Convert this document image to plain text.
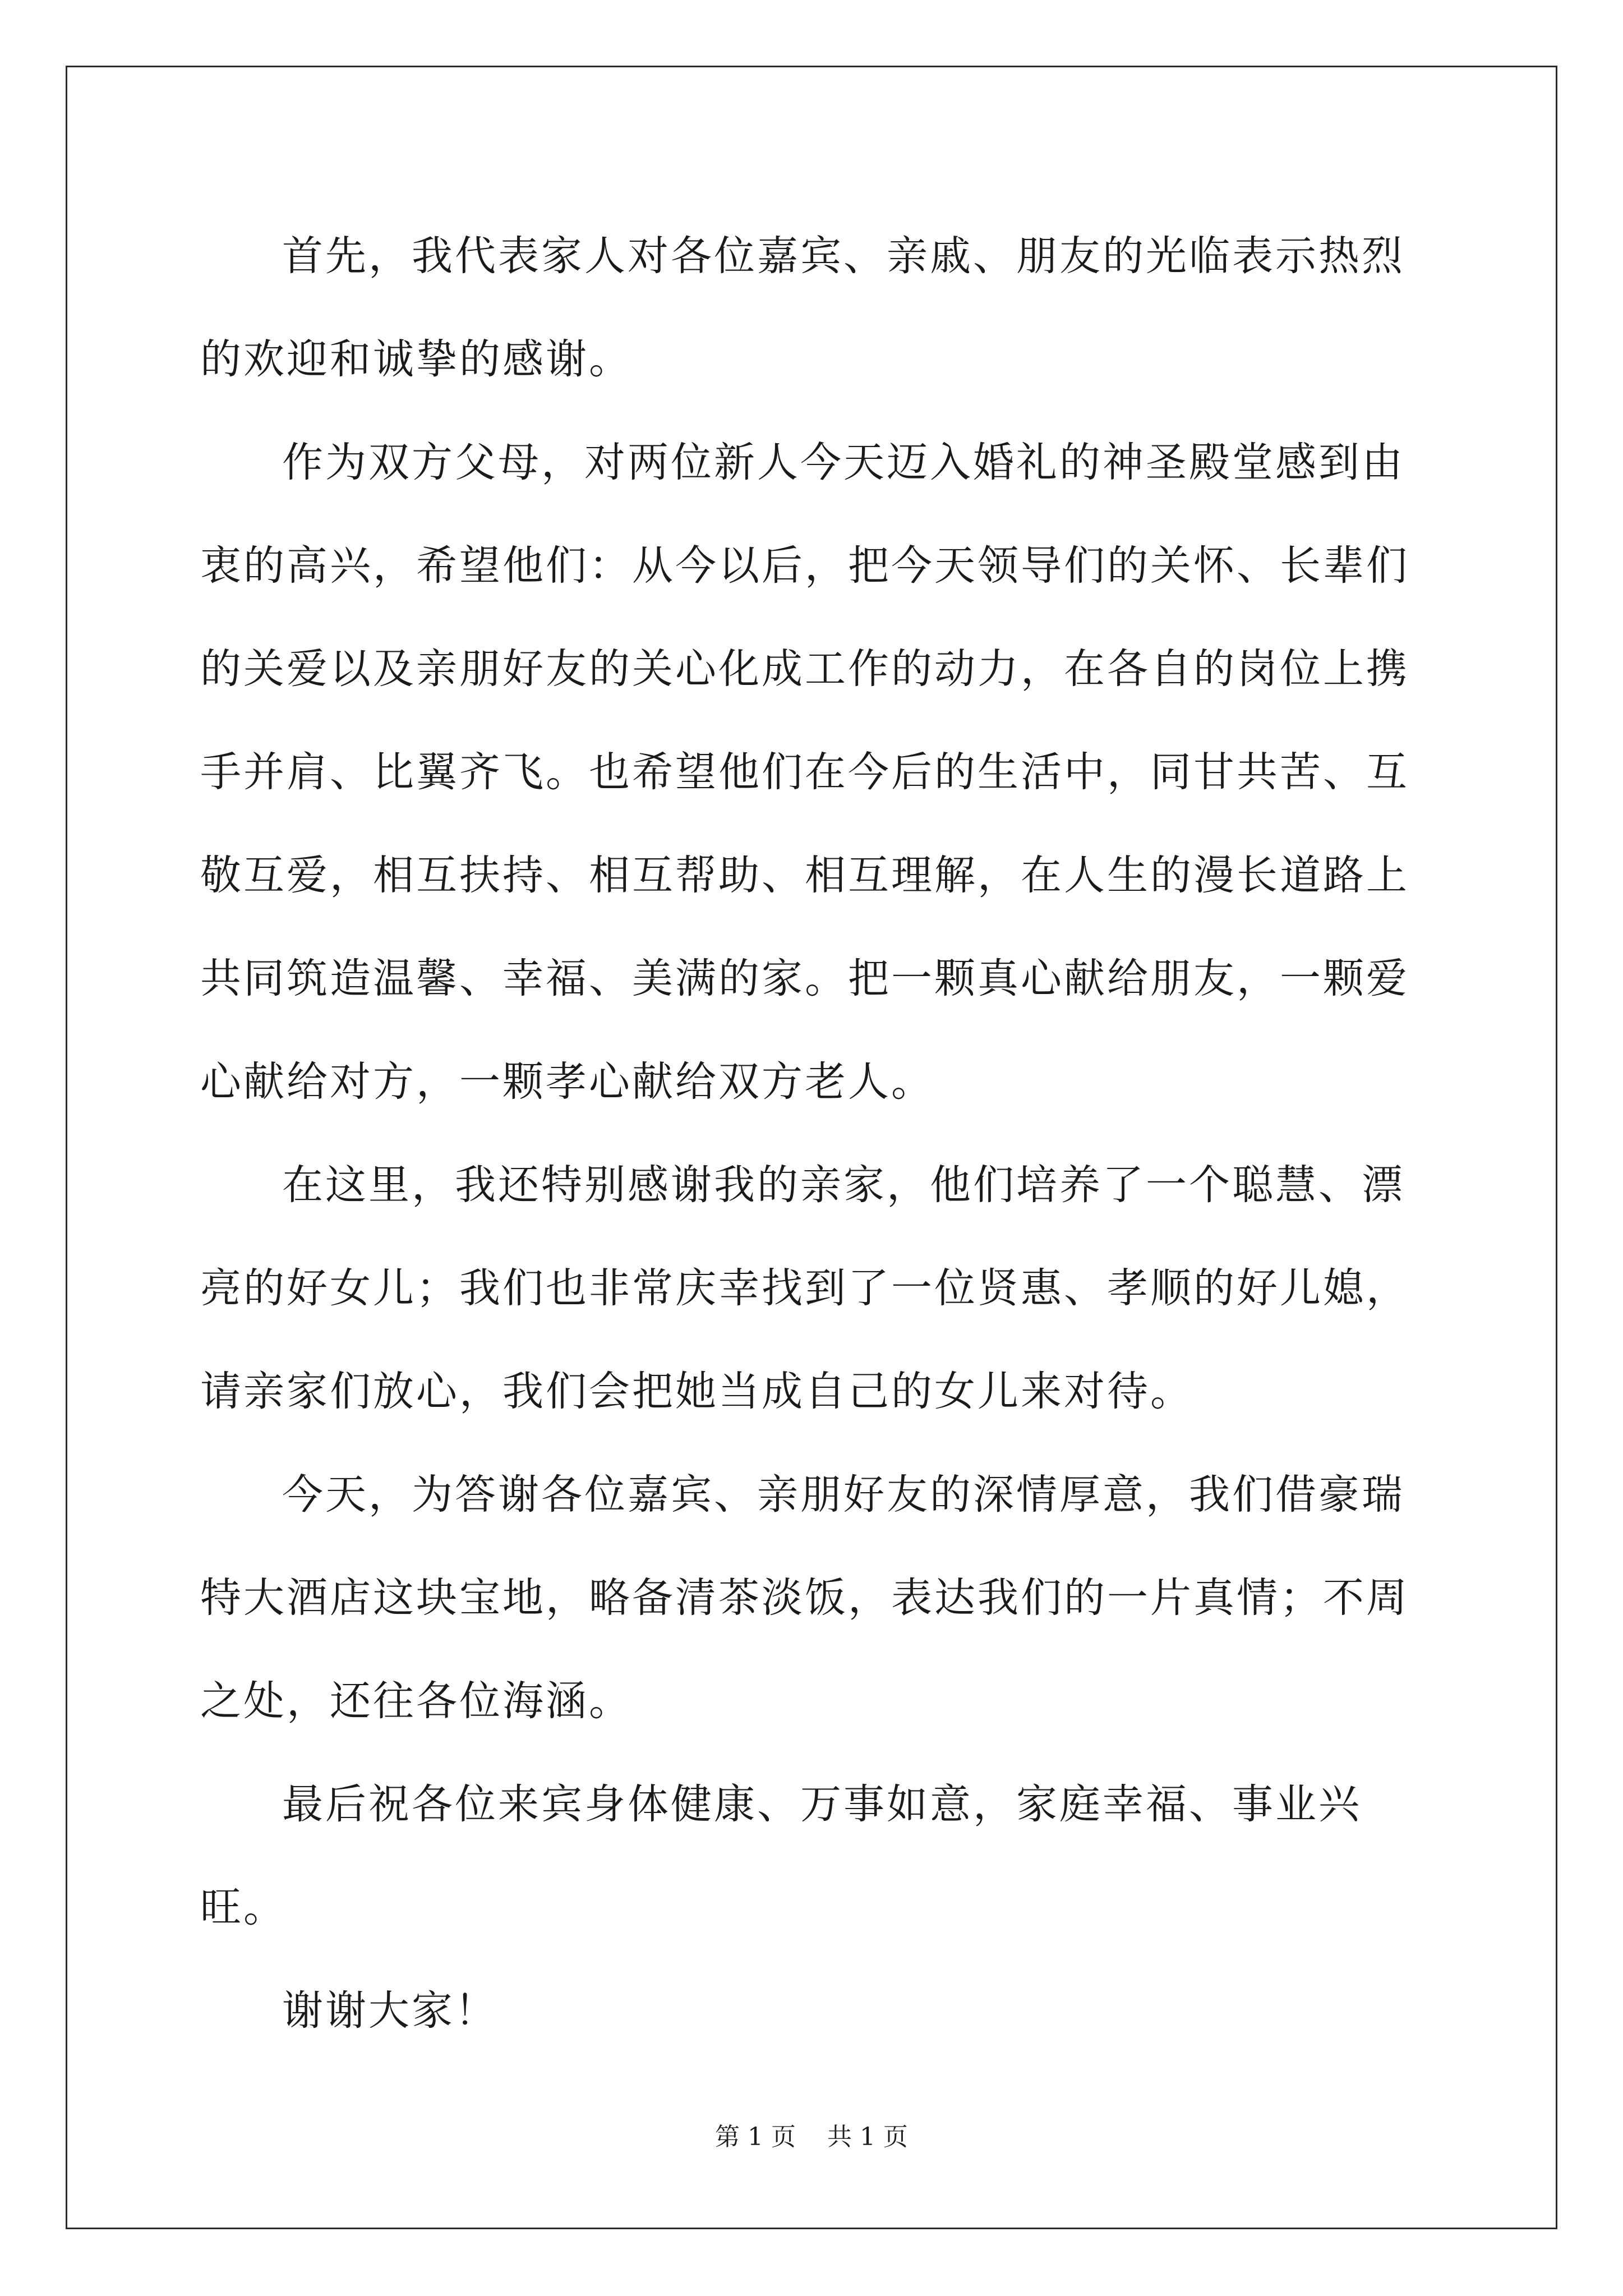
首先，我代表家人对各位嘉宾、亲戚、朋友的光临表示热烈的欢迎和诚挚的感谢。

作为双方父母，对两位新人今天迈入婚礼的神圣殿堂感到由衷的高兴，希望他们：从今以后，把今天领导们的关怀、长辈们的关爱以及亲朋好友的关心化成工作的动力，在各自的岗位上携手并肩、比翼齐飞。也希望他们在今后的生活中，同甘共苦、互敬互爱，相互扶持、相互帮助、相互理解，在人生的漫长道路上共同筑造温馨、幸福、美满的家。把一颗真心献给朋友，一颗爱心献给对方，一颗孝心献给双方老人。

在这里，我还特别感谢我的亲家，他们培养了一个聪慧、漂亮的好女儿；我们也非常庆幸找到了一位贤惠、孝顺的好儿媳，请亲家们放心，我们会把她当成自己的女儿来对待。

今天，为答谢各位嘉宾、亲朋好友的深情厚意，我们借豪瑞特大酒店这块宝地，略备清茶淡饭，表达我们的一片真情；不周之处，还往各位海涵。

最后祝各位来宾身体健康、万事如意，家庭幸福、事业兴旺。

谢谢大家！

第 1 页    共 1 页
